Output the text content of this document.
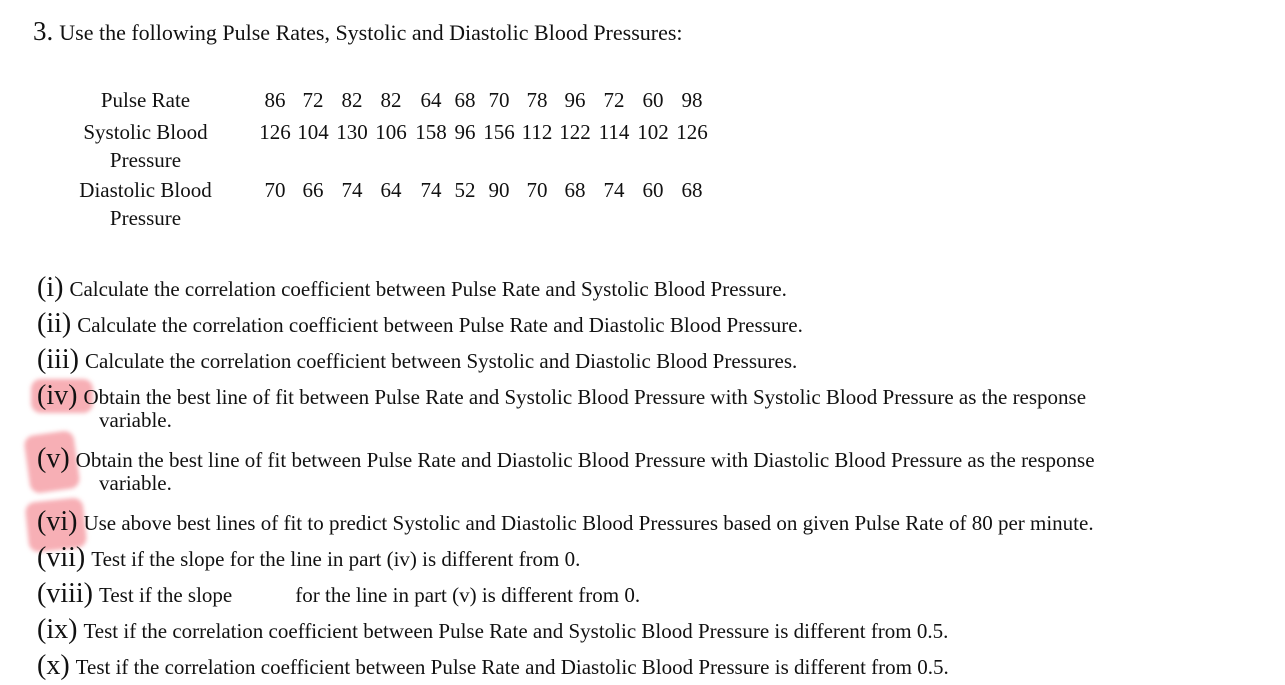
3. Use the following Pulse Rates, Systolic and Diastolic Blood Pressures:
Pulse Rate		86	72	82	82	64	68	70	78	96	72	60	98
Systolic Blood Pressure		126	104	130	106	158	96	156	112	122	114	102	126
Diastolic Blood Pressure		70	66	74	64	74	52	90	70	68	74	60	68
(i) Calculate the correlation coefficient between Pulse Rate and Systolic Blood Pressure.
(ii) Calculate the correlation coefficient between Pulse Rate and Diastolic Blood Pressure.
(iii) Calculate the correlation coefficient between Systolic and Diastolic Blood Pressures.
(iv) Obtain the best line of fit between Pulse Rate and Systolic Blood Pressure with Systolic Blood Pressure as the response
variable.
(v) Obtain the best line of fit between Pulse Rate and Diastolic Blood Pressure with Diastolic Blood Pressure as the response
variable.
(vi) Use above best lines of fit to predict Systolic and Diastolic Blood Pressures based on given Pulse Rate of 80 per minute.
(vii) Test if the slope for the line in part (iv) is different from 0.
(viii) Test if the slope	for the line in part (v) is different from 0.
(ix) Test if the correlation coefficient between Pulse Rate and Systolic Blood Pressure is different from 0.5.
(x) Test if the correlation coefficient between Pulse Rate and Diastolic Blood Pressure is different from 0.5.
